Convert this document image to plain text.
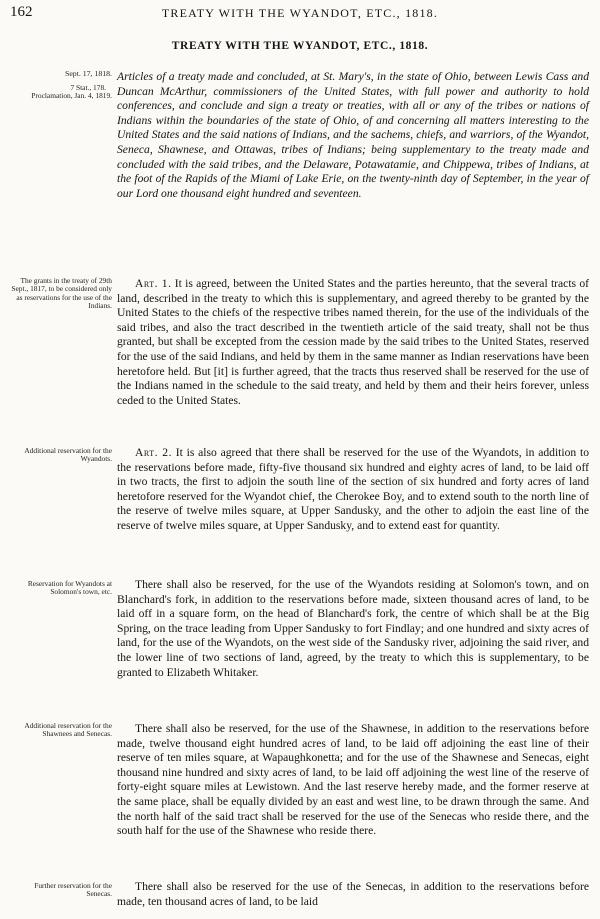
162	TREATY WITH THE WYANDOT, ETC., 1818.
TREATY WITH THE WYANDOT, ETC., 1818.
Sept. 17, 1818.
7 Stat., 178.
Proclamation, Jan. 4, 1819.
The grants in the treaty of 29th Sept., 1817, to be considered only as reservations for the use of the Indians.
Additional reservation for the Wyandots.
Reservation for Wyandots at Solomon's town, etc.
Additional reservation for the Shawnees and Senecas.
Further reservation for the Senecas.
Articles of a treaty made and concluded, at St. Mary's, in the state of Ohio, between Lewis Cass and Duncan McArthur, commissioners of the United States, with full power and authority to hold conferences, and conclude and sign a treaty or treaties, with all or any of the tribes or nations of Indians within the boundaries of the state of Ohio, of and concerning all matters interesting to the United States and the said nations of Indians, and the sachems, chiefs, and warriors, of the Wyandot, Seneca, Shawnese, and Ottawas, tribes of Indians; being supplementary to the treaty made and concluded with the said tribes, and the Delaware, Potawatamie, and Chippewa, tribes of Indians, at the foot of the Rapids of the Miami of Lake Erie, on the twenty-ninth day of September, in the year of our Lord one thousand eight hundred and seventeen.
Art. 1. It is agreed, between the United States and the parties hereunto, that the several tracts of land, described in the treaty to which this is supplementary, and agreed thereby to be granted by the United States to the chiefs of the respective tribes named therein, for the use of the individuals of the said tribes, and also the tract described in the twentieth article of the said treaty, shall not be thus granted, but shall be excepted from the cession made by the said tribes to the United States, reserved for the use of the said Indians, and held by them in the same manner as Indian reservations have been heretofore held. But [it] is further agreed, that the tracts thus reserved shall be reserved for the use of the Indians named in the schedule to the said treaty, and held by them and their heirs forever, unless ceded to the United States.
Art. 2. It is also agreed that there shall be reserved for the use of the Wyandots, in addition to the reservations before made, fifty-five thousand six hundred and eighty acres of land, to be laid off in two tracts, the first to adjoin the south line of the section of six hundred and forty acres of land heretofore reserved for the Wyandot chief, the Cherokee Boy, and to extend south to the north line of the reserve of twelve miles square, at Upper Sandusky, and the other to adjoin the east line of the reserve of twelve miles square, at Upper Sandusky, and to extend east for quantity.
There shall also be reserved, for the use of the Wyandots residing at Solomon's town, and on Blanchard's fork, in addition to the reservations before made, sixteen thousand acres of land, to be laid off in a square form, on the head of Blanchard's fork, the centre of which shall be at the Big Spring, on the trace leading from Upper Sandusky to fort Findlay; and one hundred and sixty acres of land, for the use of the Wyandots, on the west side of the Sandusky river, adjoining the said river, and the lower line of two sections of land, agreed, by the treaty to which this is supplementary, to be granted to Elizabeth Whitaker.
There shall also be reserved, for the use of the Shawnese, in addition to the reservations before made, twelve thousand eight hundred acres of land, to be laid off adjoining the east line of their reserve of ten miles square, at Wapaughkonetta; and for the use of the Shawnese and Senecas, eight thousand nine hundred and sixty acres of land, to be laid off adjoining the west line of the reserve of forty-eight square miles at Lewistown. And the last reserve hereby made, and the former reserve at the same place, shall be equally divided by an east and west line, to be drawn through the same. And the north half of the said tract shall be reserved for the use of the Senecas who reside there, and the south half for the use of the Shawnese who reside there.
There shall also be reserved for the use of the Senecas, in addition to the reservations before made, ten thousand acres of land, to be laid
